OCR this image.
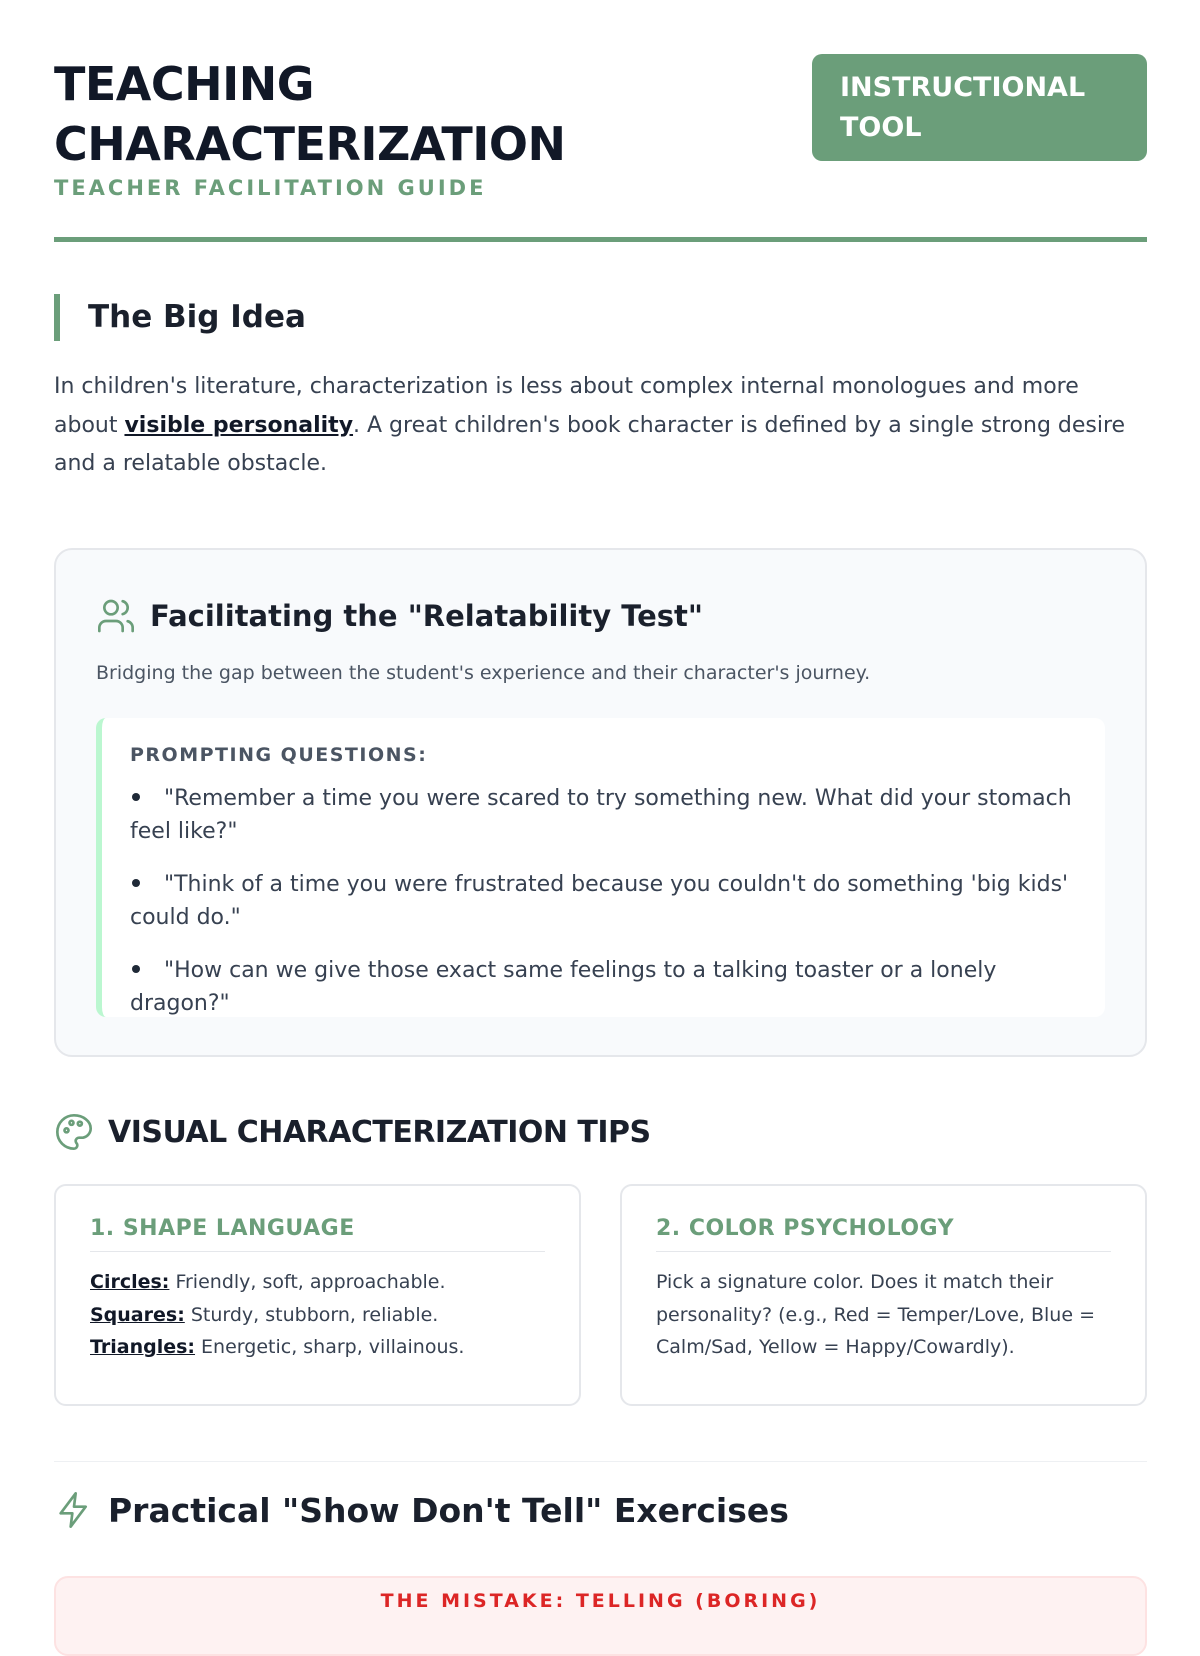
TEACHING
CHARACTERIZATION
TEACHER FACILITATION GUIDE
INSTRUCTIONAL
TOOL
The Big Idea

In children's literature, characterization is less about complex internal monologues and more about visible personality. A great children's book character is defined by a single strong desire and a relatable obstacle.

Facilitating the "Relatability Test"

Bridging the gap between the student's experience and their character's journey.

PROMPTING QUESTIONS:
"Remember a time you were scared to try something new. What did your stomach feel like?"
"Think of a time you were frustrated because you couldn't do something 'big kids' could do."
"How can we give those exact same feelings to a talking toaster or a lonely dragon?"
VISUAL CHARACTERIZATION TIPS
1. SHAPE LANGUAGE
Circles: Friendly, soft, approachable.
Squares: Sturdy, stubborn, reliable.
Triangles: Energetic, sharp, villainous.
2. COLOR PSYCHOLOGY

Pick a signature color. Does it match their personality? (e.g., Red = Temper/Love, Blue = Calm/Sad, Yellow = Happy/Cowardly).

Practical "Show Don't Tell" Exercises
THE MISTAKE: TELLING (BORING)
